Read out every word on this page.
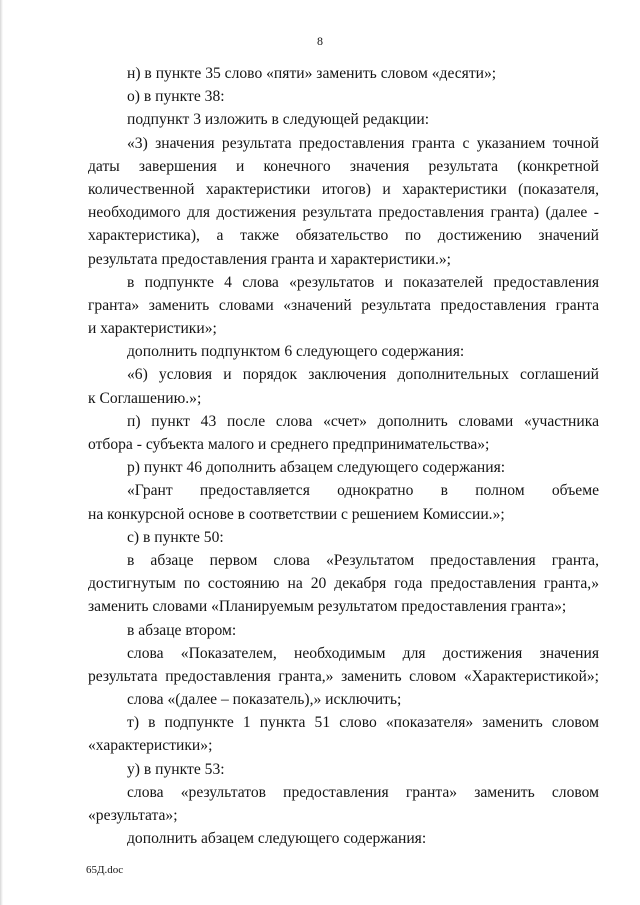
8
н) в пункте 35 слово «пяти» заменить словом «десяти»;
о) в пункте 38:
подпункт 3 изложить в следующей редакции:
«3) значения результата предоставления гранта с указанием точной
даты завершения и конечного значения результата (конкретной
количественной характеристики итогов) и характеристики (показателя,
необходимого для достижения результата предоставления гранта) (далее -
характеристика), а также обязательство по достижению значений
результата предоставления гранта и характеристики.»;
в подпункте 4 слова «результатов и показателей предоставления
гранта» заменить словами «значений результата предоставления гранта
и характеристики»;
дополнить подпунктом 6 следующего содержания:
«6) условия и порядок заключения дополнительных соглашений
к Соглашению.»;
п) пункт 43 после слова «счет» дополнить словами «участника
отбора - субъекта малого и среднего предпринимательства»;
р) пункт 46 дополнить абзацем следующего содержания:
«Грант предоставляется однократно в полном объеме
на конкурсной основе в соответствии с решением Комиссии.»;
с) в пункте 50:
в абзаце первом слова «Результатом предоставления гранта,
достигнутым по состоянию на 20 декабря года предоставления гранта,»
заменить словами «Планируемым результатом предоставления гранта»;
в абзаце втором:
слова «Показателем, необходимым для достижения значения
результата предоставления гранта,» заменить словом «Характеристикой»;
слова «(далее – показатель),» исключить;
т) в подпункте 1 пункта 51 слово «показателя» заменить словом
«характеристики»;
у) в пункте 53:
слова «результатов предоставления гранта» заменить словом
«результата»;
дополнить абзацем следующего содержания:
65Д.doc
